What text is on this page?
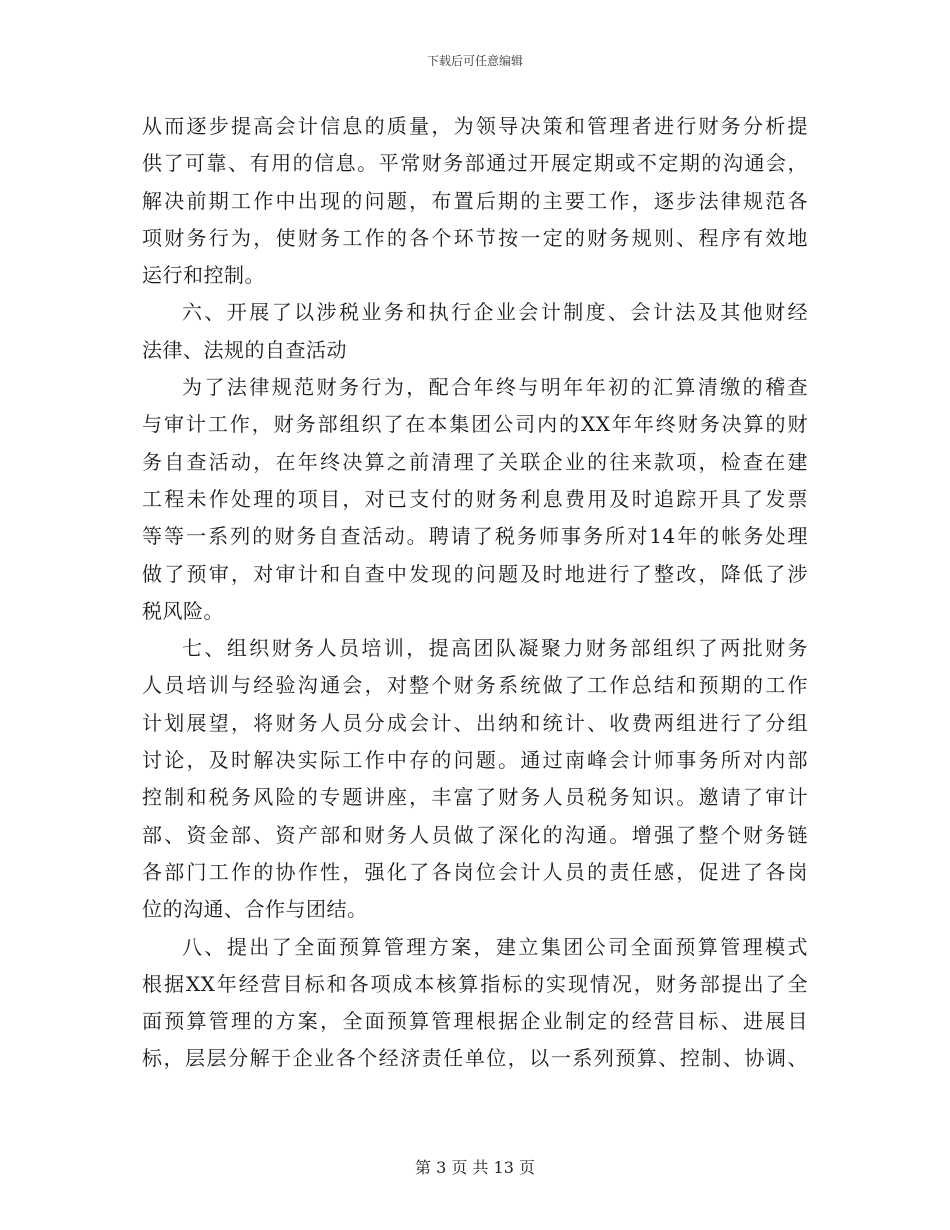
下载后可任意编辑
从而逐步提高会计信息的质量，为领导决策和管理者进行财务分析提
供了可靠、有用的信息。平常财务部通过开展定期或不定期的沟通会，
解决前期工作中出现的问题，布置后期的主要工作，逐步法律规范各
项财务行为，使财务工作的各个环节按一定的财务规则、程序有效地
运行和控制。
六、开展了以涉税业务和执行企业会计制度、会计法及其他财经
法律、法规的自查活动
为了法律规范财务行为，配合年终与明年年初的汇算清缴的稽查
与审计工作，财务部组织了在本集团公司内的XX年年终财务决算的财
务自查活动，在年终决算之前清理了关联企业的往来款项，检查在建
工程未作处理的项目，对已支付的财务利息费用及时追踪开具了发票
等等一系列的财务自查活动。聘请了税务师事务所对14年的帐务处理
做了预审，对审计和自查中发现的问题及时地进行了整改，降低了涉
税风险。
七、组织财务人员培训，提高团队凝聚力财务部组织了两批财务
人员培训与经验沟通会，对整个财务系统做了工作总结和预期的工作
计划展望，将财务人员分成会计、出纳和统计、收费两组进行了分组
讨论，及时解决实际工作中存的问题。通过南峰会计师事务所对内部
控制和税务风险的专题讲座，丰富了财务人员税务知识。邀请了审计
部、资金部、资产部和财务人员做了深化的沟通。增强了整个财务链
各部门工作的协作性，强化了各岗位会计人员的责任感，促进了各岗
位的沟通、合作与团结。
八、提出了全面预算管理方案，建立集团公司全面预算管理模式
根据XX年经营目标和各项成本核算指标的实现情况，财务部提出了全
面预算管理的方案，全面预算管理根据企业制定的经营目标、进展目
标，层层分解于企业各个经济责任单位，以一系列预算、控制、协调、
第 3 页 共 13 页
